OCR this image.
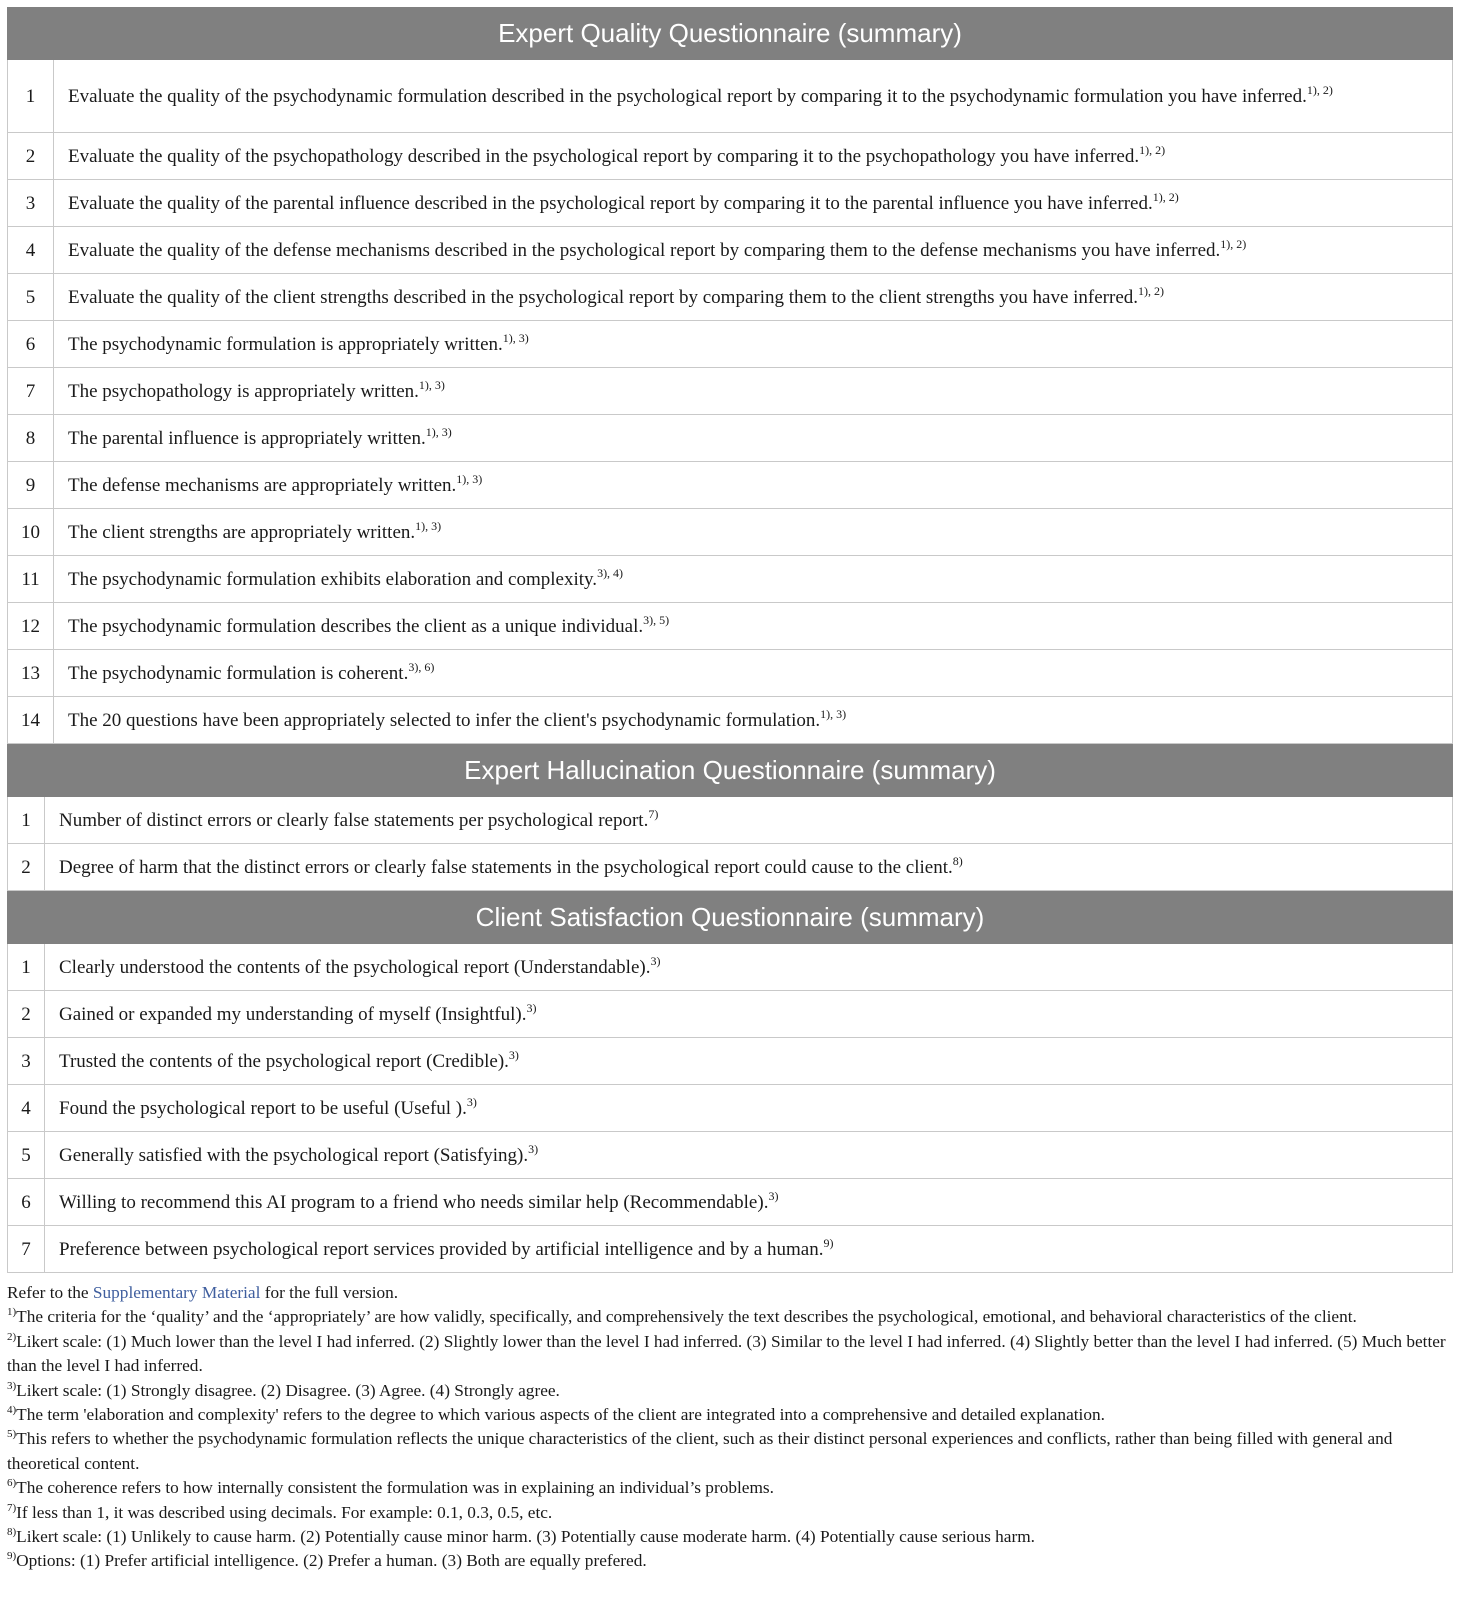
Expert Quality Questionnaire (summary)	
1	Evaluate the quality of the psychodynamic formulation described in the psychological report by comparing it to the psychodynamic formulation you have inferred.$^{1), 2)}$
2	Evaluate the quality of the psychopathology described in the psychological report by comparing it to the psychopathology you have inferred.$^{1), 2)}$
3	Evaluate the quality of the parental influence described in the psychological report by comparing it to the parental influence you have inferred.$^{1), 2)}$
4	Evaluate the quality of the defense mechanisms described in the psychological report by comparing them to the defense mechanisms you have inferred.$^{1), 2)}$
5	Evaluate the quality of the client strengths described in the psychological report by comparing them to the client strengths you have inferred.$^{1), 2)}$
6	The psychodynamic formulation is appropriately written.$^{1), 3)}$
7	The psychopathology is appropriately written.$^{1), 3)}$
8	The parental influence is appropriately written.$^{1), 3)}$
9	The defense mechanisms are appropriately written.$^{1), 3)}$
10	The client strengths are appropriately written.$^{1), 3)}$
11	The psychodynamic formulation exhibits elaboration and complexity.$^{3), 4)}$
12	The psychodynamic formulation describes the client as a unique individual.$^{3), 5)}$
13	The psychodynamic formulation is coherent.$^{3), 6)}$
14	The 20 questions have been appropriately selected to infer the client's psychodynamic formulation.$^{1), 3)}$
Expert Hallucination Questionnaire (summary)	
1	Number of distinct errors or clearly false statements per psychological report.$^{7)}$
2	Degree of harm that the distinct errors or clearly false statements in the psychological report could cause to the client.$^{8)}$
Client Satisfaction Questionnaire (summary)	
1	Clearly understood the contents of the psychological report (Understandable).$^{3)}$
2	Gained or expanded my understanding of myself (Insightful).$^{3)}$
3	Trusted the contents of the psychological report (Credible).$^{3)}$
4	Found the psychological report to be useful (Useful ).$^{3)}$
5	Generally satisfied with the psychological report (Satisfying).$^{3)}$
6	Willing to recommend this AI program to a friend who needs similar help (Recommendable).$^{3)}$
7	Preference between psychological report services provided by artificial intelligence and by a human.$^{9)}$

Refer to the Supplementary Material for the full version.

$^{1)}$The criteria for the ‘quality’ and the ‘appropriately’ are how validly, specifically, and comprehensively the text describes the psychological, emotional, and behavioral characteristics of the client.

$^{2)}$Likert scale: (1) Much lower than the level I had inferred. (2) Slightly lower than the level I had inferred. (3) Similar to the level I had inferred. (4) Slightly better than the level I had inferred. (5) Much better than the level I had inferred.

$^{3)}$Likert scale: (1) Strongly disagree. (2) Disagree. (3) Agree. (4) Strongly agree.

$^{4)}$The term 'elaboration and complexity' refers to the degree to which various aspects of the client are integrated into a comprehensive and detailed explanation.

$^{5)}$This refers to whether the psychodynamic formulation reflects the unique characteristics of the client, such as their distinct personal experiences and conflicts, rather than being filled with general and theoretical content.

$^{6)}$The coherence refers to how internally consistent the formulation was in explaining an individual’s problems.

$^{7)}$If less than 1, it was described using decimals. For example: 0.1, 0.3, 0.5, etc.

$^{8)}$Likert scale: (1) Unlikely to cause harm. (2) Potentially cause minor harm. (3) Potentially cause moderate harm. (4) Potentially cause serious harm.

$^{9)}$Options: (1) Prefer artificial intelligence. (2) Prefer a human. (3) Both are equally prefered.
